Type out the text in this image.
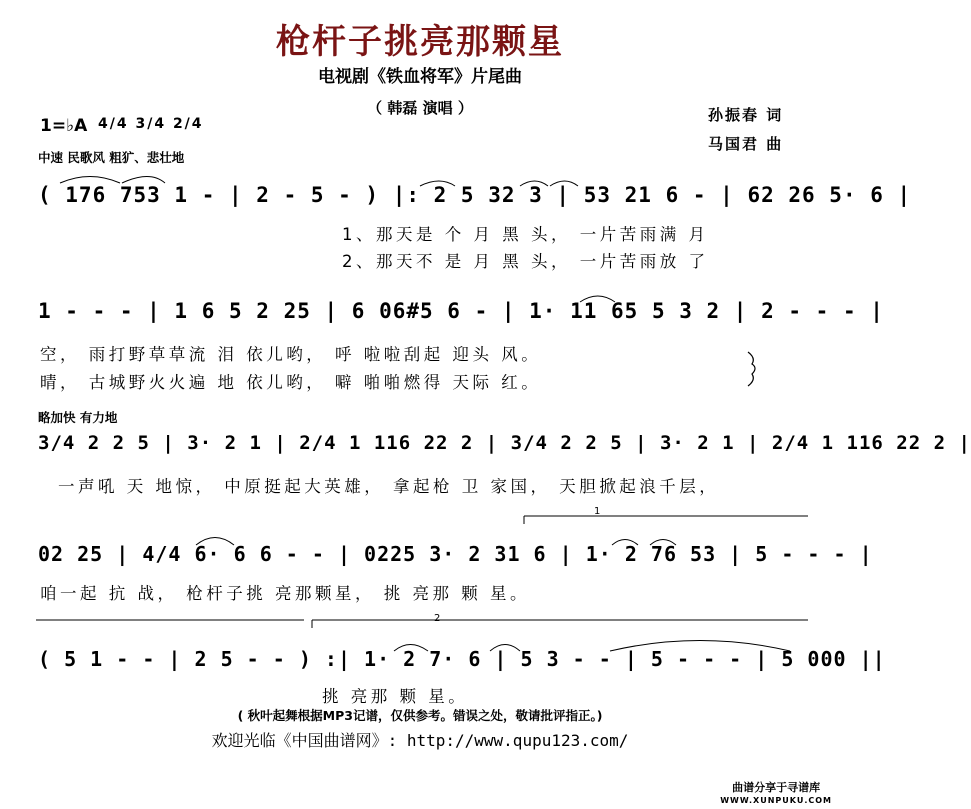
枪杆子挑亮那颗星
电视剧《铁血将军》片尾曲
（ 韩磊 演唱 ）	孙振春 词
马国君 曲
1=♭A 4/4 3/4 2/4
中速 民歌风 粗犷、悲壮地
( 176 753 1 - | 2 - 5 - ) |: 2 5 32 3 | 53 21 6 - | 62 26 5· 6 |
1、那天是 个 月 黑 头， 一片苦雨满 月
2、那天不 是 月 黑 头， 一片苦雨放 了
1 - - - | 1 6 5 2 25 | 6 06#5 6 - | 1· 11 65 5 3 2 | 2 - - - |
空， 雨打野草草流 泪 依儿哟， 呼 啦啦刮起 迎头 风。
晴， 古城野火火遍 地 依儿哟， 噼 啪啪燃得 天际 红。
略加快 有力地
3/4 2 2 5 | 3· 2 1 | 2/4 1 116 22 2 | 3/4 2 2 5 | 3· 2 1 | 2/4 1 116 22 2 |
一声吼 天 地惊， 中原挺起大英雄， 拿起枪 卫 家国， 天胆掀起浪千层，
1
02 25 | 4/4 6· 6 6 - - | 0225 3· 2 31 6 | 1· 2 76 53 | 5 - - - |
咱一起 抗 战， 枪杆子挑 亮那颗星， 挑 亮那 颗 星。
2
( 5 1 - - | 2 5 - - ) :| 1· 2 7· 6 | 5 3 - - | 5 - - - | 5 000 ||
挑 亮那 颗 星。
( 秋叶起舞根据MP3记谱，仅供参考。错误之处，敬请批评指正。)
欢迎光临《中国曲谱网》: http://www.qupu123.com/
曲谱分享于寻谱库
WWW.XUNPUKU.COM
